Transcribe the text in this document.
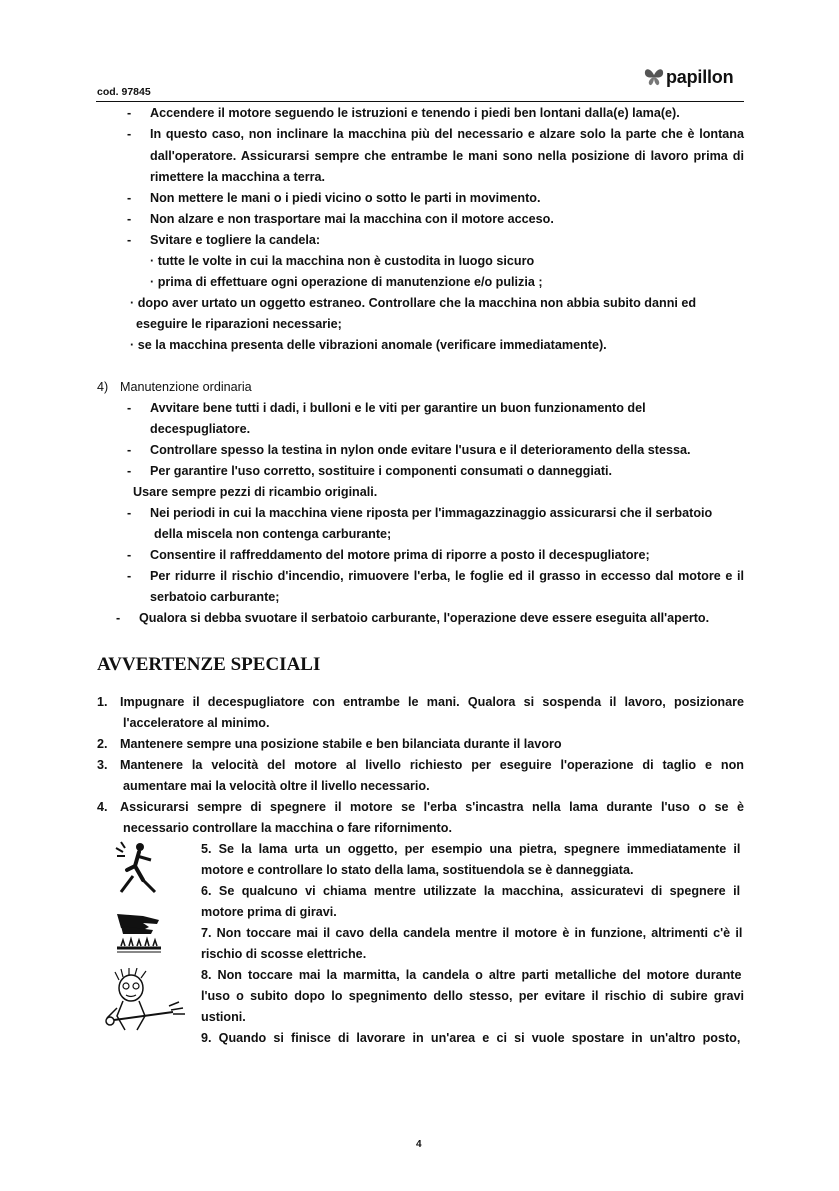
cod. 97845
papillon
- Accendere il motore seguendo le istruzioni e tenendo i piedi ben lontani dalla(e) lama(e).
- In questo caso, non inclinare la macchina più del necessario e alzare solo la parte che è lontana
dall'operatore. Assicurarsi sempre che entrambe le mani sono nella posizione di lavoro prima di
rimettere la macchina a terra.
- Non mettere le mani o i piedi vicino o sotto le parti in movimento.
- Non alzare e non trasportare mai la macchina con il motore acceso.
- Svitare e togliere la candela:
· tutte le volte in cui la macchina non è custodita in luogo sicuro
· prima di effettuare ogni operazione di manutenzione e/o pulizia ;
· dopo aver urtato un oggetto estraneo. Controllare che la macchina non abbia subito danni ed
eseguire le riparazioni necessarie;
· se la macchina presenta delle vibrazioni anomale (verificare immediatamente).
4) Manutenzione ordinaria
- Avvitare bene tutti i dadi, i bulloni e le viti per garantire un buon funzionamento del
decespugliatore.
- Controllare spesso la testina in nylon onde evitare l'usura e il deterioramento della stessa.
- Per garantire l'uso corretto, sostituire i componenti consumati o danneggiati.
Usare sempre pezzi di ricambio originali.
- Nei periodi in cui la macchina viene riposta per l'immagazzinaggio assicurarsi che il serbatoio
della miscela non contenga carburante;
- Consentire il raffreddamento del motore prima di riporre a posto il decespugliatore;
- Per ridurre il rischio d'incendio, rimuovere l'erba, le foglie ed il grasso in eccesso dal motore e il
serbatoio carburante;
- Qualora si debba svuotare il serbatoio carburante, l'operazione deve essere eseguita all'aperto.
1. Impugnare il decespugliatore con entrambe le mani. Qualora si sospenda il lavoro, posizionare
l'acceleratore al minimo.
2. Mantenere sempre una posizione stabile e ben bilanciata durante il lavoro
3. Mantenere la velocità del motore al livello richiesto per eseguire l'operazione di taglio e non
aumentare mai la velocità oltre il livello necessario.
4. Assicurarsi sempre di spegnere il motore se l'erba s'incastra nella lama durante l'uso o se è
necessario controllare la macchina o fare rifornimento.
5. Se la lama urta un oggetto, per esempio una pietra, spegnere immediatamente il
motore e controllare lo stato della lama, sostituendola se è danneggiata.
6. Se qualcuno vi chiama mentre utilizzate la macchina, assicuratevi di spegnere il
motore prima di giravi.
7. Non toccare mai il cavo della candela mentre il motore è in funzione, altrimenti c'è il
rischio di scosse elettriche.
8. Non toccare mai la marmitta, la candela o altre parti metalliche del motore durante
l'uso o subito dopo lo spegnimento dello stesso, per evitare il rischio di subire gravi
ustioni.
9. Quando si finisce di lavorare in un'area e ci si vuole spostare in un'altro posto,
AVVERTENZE SPECIALI
4
